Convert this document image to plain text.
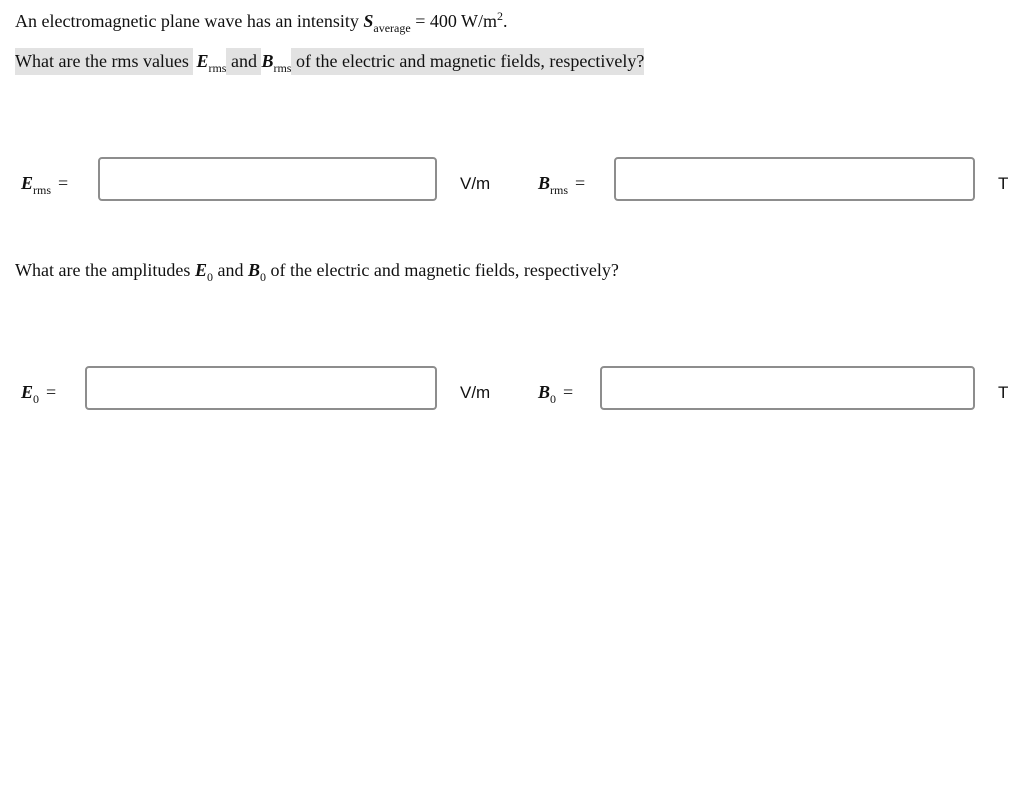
An electromagnetic plane wave has an intensity $S_{average} = 400$ $W/m^2$.
What are the rms values $E_{rms}$ and $B_{rms}$ of the electric and magnetic fields, respectively?
$E_{rms}$ =	V/m	$B_{rms}$ =	T
What are the amplitudes $E_0$ and $B_0$ of the electric and magnetic fields, respectively?
$E_0$ =	V/m	$B_0$ =	T
